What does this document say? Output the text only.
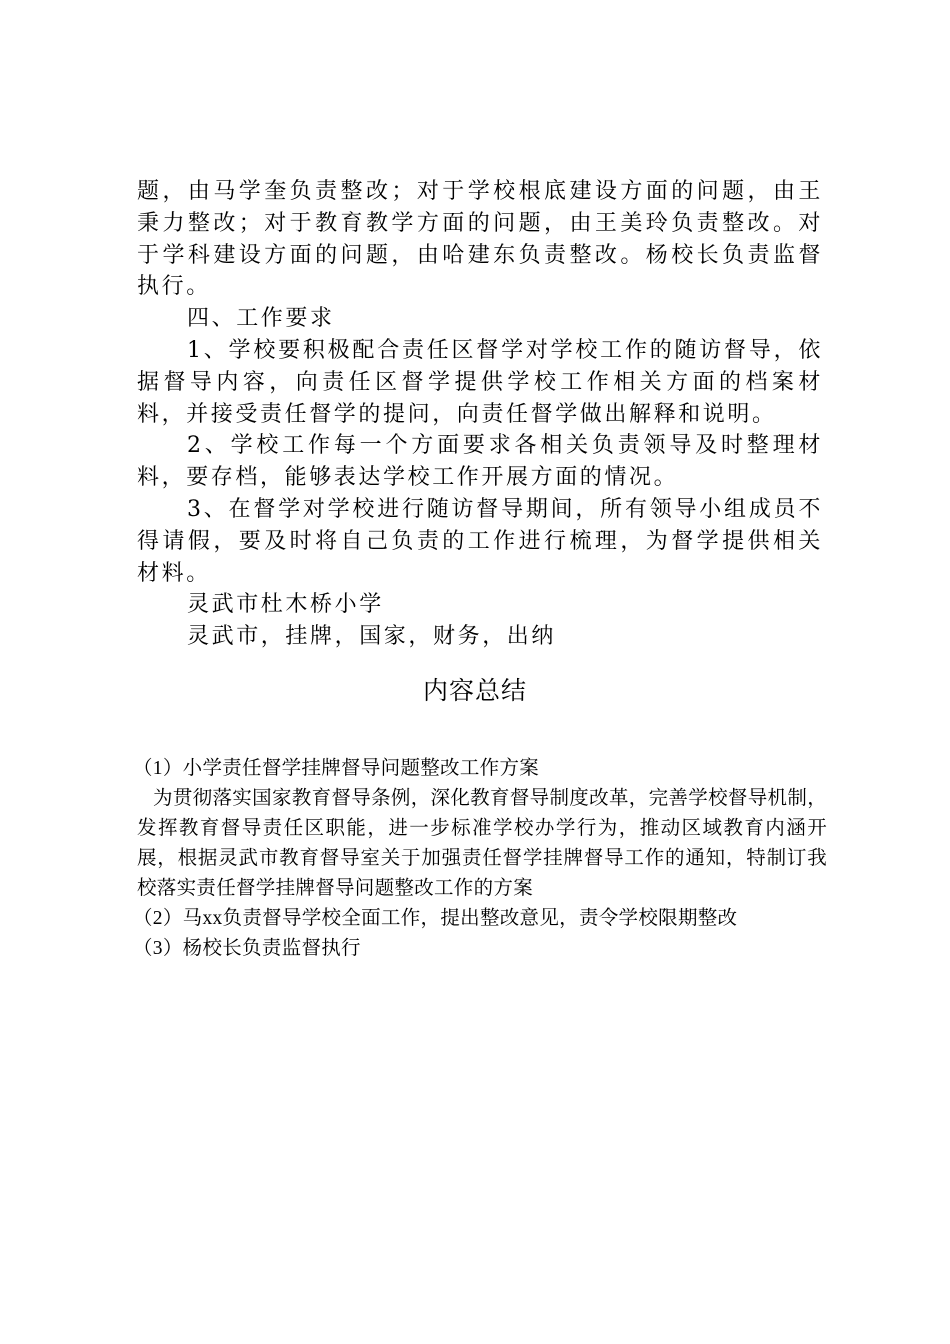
题，由马学奎负责整改；对于学校根底建设方面的问题，由王秉力整改；对于教育教学方面的问题，由王美玲负责整改。对于学科建设方面的问题，由哈建东负责整改。杨校长负责监督执行。

四、工作要求

1、学校要积极配合责任区督学对学校工作的随访督导，依据督导内容，向责任区督学提供学校工作相关方面的档案材料，并接受责任督学的提问，向责任督学做出解释和说明。

2、学校工作每一个方面要求各相关负责领导及时整理材料，要存档，能够表达学校工作开展方面的情况。

3、在督学对学校进行随访督导期间，所有领导小组成员不得请假，要及时将自己负责的工作进行梳理，为督学提供相关材料。

灵武市杜木桥小学

灵武市，挂牌，国家，财务，出纳

内容总结

（1）小学责任督学挂牌督导问题整改工作方案

为贯彻落实国家教育督导条例，深化教育督导制度改革，完善学校督导机制，发挥教育督导责任区职能，进一步标准学校办学行为，推动区域教育内涵开展，根据灵武市教育督导室关于加强责任督学挂牌督导工作的通知，特制订我校落实责任督学挂牌督导问题整改工作的方案

（2）马xx负责督导学校全面工作，提出整改意见，责令学校限期整改

（3）杨校长负责监督执行
